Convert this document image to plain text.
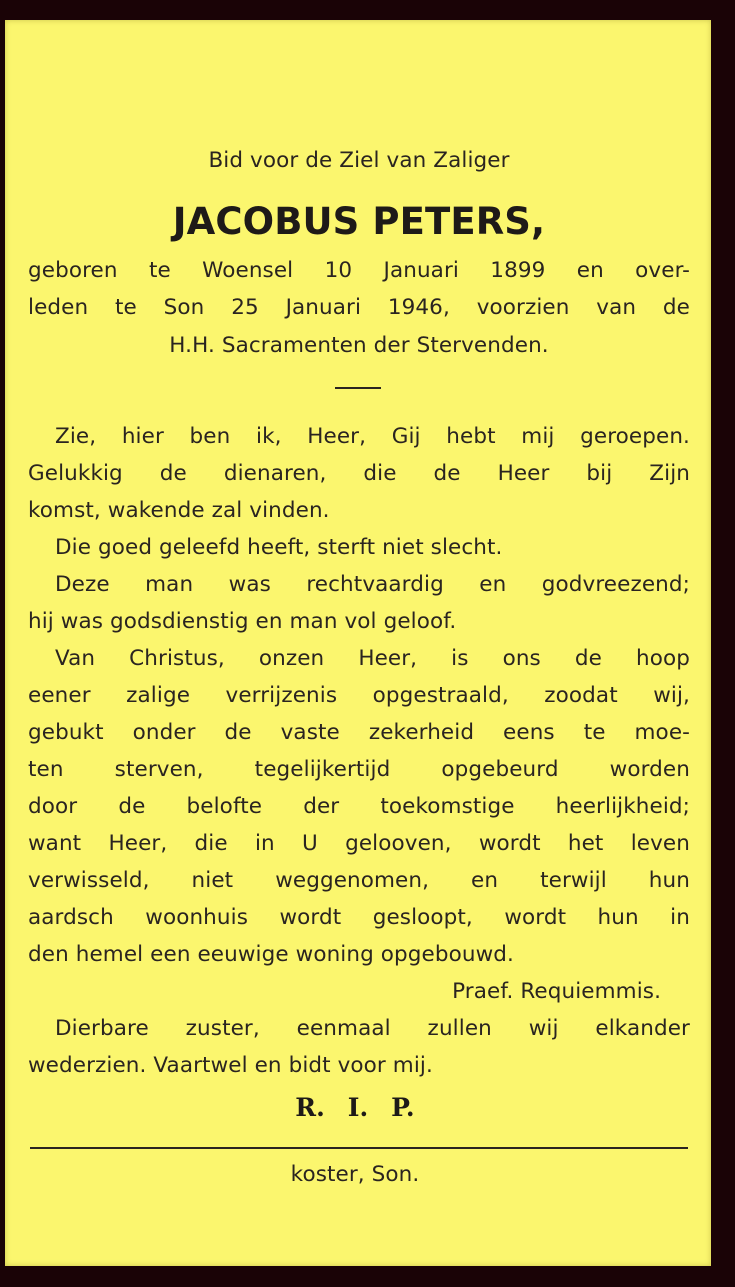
Bid voor de Ziel van Zaliger

JACOBUS PETERS,

geboren te Woensel 10 Januari 1899 en over-

leden te Son 25 Januari 1946, voorzien van de

H.H. Sacramenten der Stervenden.

Zie, hier ben ik, Heer, Gij hebt mij geroepen.

Gelukkig de dienaren, die de Heer bij Zijn

komst, wakende zal vinden.

Die goed geleefd heeft, sterft niet slecht.

Deze man was rechtvaardig en godvreezend;

hij was godsdienstig en man vol geloof.

Van Christus, onzen Heer, is ons de hoop

eener zalige verrijzenis opgestraald, zoodat wij,

gebukt onder de vaste zekerheid eens te moe-

ten sterven, tegelijkertijd opgebeurd worden

door de belofte der toekomstige heerlijkheid;

want Heer, die in U gelooven, wordt het leven

verwisseld, niet weggenomen, en terwijl hun

aardsch woonhuis wordt gesloopt, wordt hun in

den hemel een eeuwige woning opgebouwd.

Praef. Requiemmis.

Dierbare zuster, eenmaal zullen wij elkander

wederzien. Vaartwel en bidt voor mij.

R. I. P.

koster, Son.
